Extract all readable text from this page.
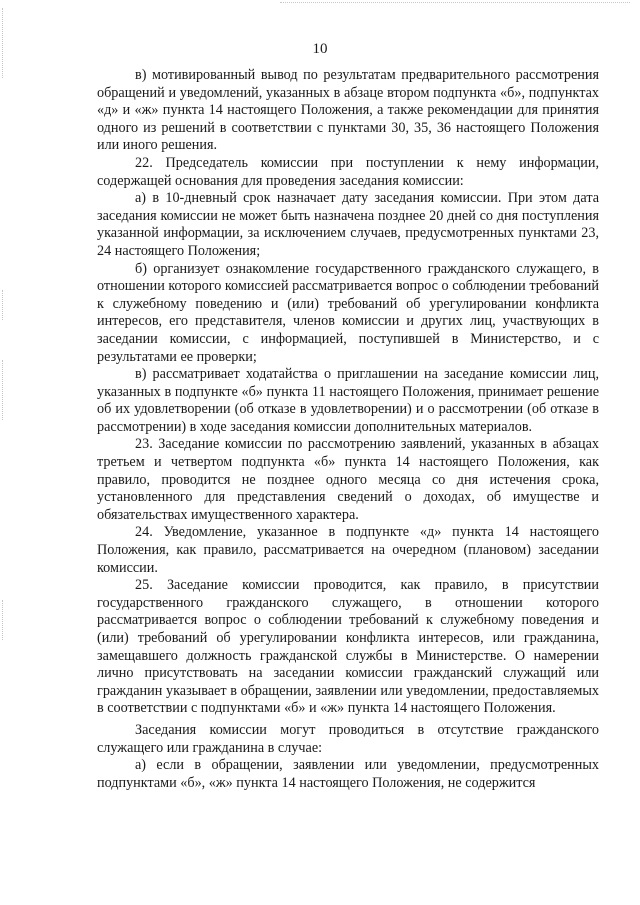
10

в) мотивированный вывод по результатам предварительного рассмотрения обращений и уведомлений, указанных в абзаце втором подпункта «б», подпунктах «д» и «ж» пункта 14 настоящего Положения, а также рекомендации для принятия одного из решений в соответствии с пунктами 30, 35, 36 настоящего Положения или иного решения.

22. Председатель комиссии при поступлении к нему информации, содержащей основания для проведения заседания комиссии:

а) в 10-дневный срок назначает дату заседания комиссии. При этом дата заседания комиссии не может быть назначена позднее 20 дней со дня поступления указанной информации, за исключением случаев, предусмотренных пунктами 23, 24 настоящего Положения;

б) организует ознакомление государственного гражданского служащего, в отношении которого комиссией рассматривается вопрос о соблюдении требований к служебному поведению и (или) требований об урегулировании конфликта интересов, его представителя, членов комиссии и других лиц, участвующих в заседании комиссии, с информацией, поступившей в Министерство, и с результатами ее проверки;

в) рассматривает ходатайства о приглашении на заседание комиссии лиц, указанных в подпункте «б» пункта 11 настоящего Положения, принимает решение об их удовлетворении (об отказе в удовлетворении) и о рассмотрении (об отказе в рассмотрении) в ходе заседания комиссии дополнительных материалов.

23. Заседание комиссии по рассмотрению заявлений, указанных в абзацах третьем и четвертом подпункта «б» пункта 14 настоящего Положения, как правило, проводится не позднее одного месяца со дня истечения срока, установленного для представления сведений о доходах, об имуществе и обязательствах имущественного характера.

24. Уведомление, указанное в подпункте «д» пункта 14 настоящего Положения, как правило, рассматривается на очередном (плановом) заседании комиссии.

25. Заседание комиссии проводится, как правило, в присутствии государственного гражданского служащего, в отношении которого рассматривается вопрос о соблюдении требований к служебному поведения и (или) требований об урегулировании конфликта интересов, или гражданина, замещавшего должность гражданской службы в Министерстве. О намерении лично присутствовать на заседании комиссии гражданский служащий или гражданин указывает в обращении, заявлении или уведомлении, предоставляемых в соответствии с подпунктами «б» и «ж» пункта 14 настоящего Положения.

Заседания комиссии могут проводиться в отсутствие гражданского служащего или гражданина в случае:

а) если в обращении, заявлении или уведомлении, предусмотренных подпунктами «б», «ж» пункта 14 настоящего Положения, не содержится
